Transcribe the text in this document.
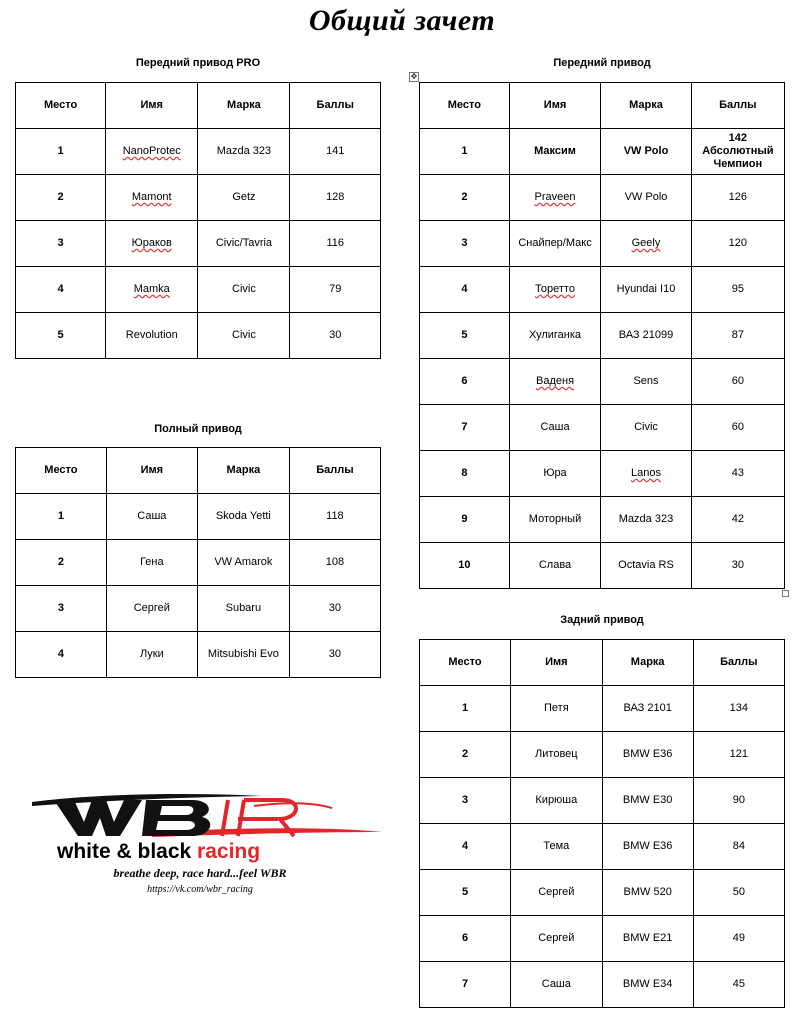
Общий зачет
Передний привод PRO
Место	Имя	Марка	Баллы
1	NanoProtec	Mazda 323	141
2	Mamont	Getz	128
3	Юраков	Civic/Tavria	116
4	Mamka	Civic	79
5	Revolution	Civic	30
Полный привод
Место	Имя	Марка	Баллы
1	Саша	Skoda Yetti	118
2	Гена	VW Amarok	108
3	Сергей	Subaru	30
4	Луки	Mitsubishi Evo	30
✥
Передний привод
Место	Имя	Марка	Баллы
1	Максим	VW Polo	142 Абсолютный Чемпион
2	Praveen	VW Polo	126
3	Снайпер/Макс	Geely	120
4	Торетто	Hyundai I10	95
5	Хулиганка	ВАЗ 21099	87
6	Ваденя	Sens	60
7	Саша	Civic	60
8	Юра	Lanos	43
9	Моторный	Mazda 323	42
10	Слава	Octavia RS	30
Задний привод
Место	Имя	Марка	Баллы
1	Петя	ВАЗ 2101	134
2	Литовец	BMW E36	121
3	Кирюша	BMW E30	90
4	Тема	BMW E36	84
5	Сергей	BMW 520	50
6	Сергей	BMW E21	49
7	Саша	BMW E34	45
white & black racing
breathe deep, race hard...feel WBR
https://vk.com/wbr_racing
